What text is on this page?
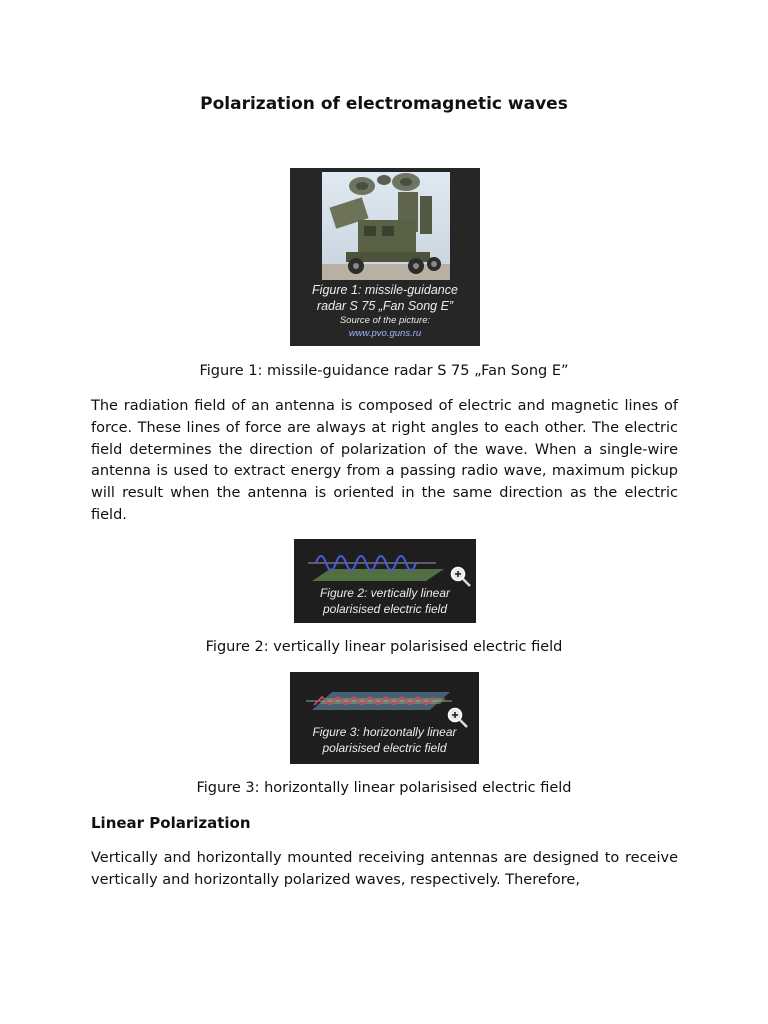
Polarization of electromagnetic waves
Figure 1: missile-guidance
radar S 75 „Fan Song E”
Source of the picture:
www.pvo.guns.ru
Figure 1: missile-guidance radar S 75 „Fan Song E”
The radiation field of an antenna is composed of electric and magnetic lines of force. These lines of force are always at right angles to each other. The electric field determines the direction of polarization of the wave. When a single-wire antenna is used to extract energy from a passing radio wave, maximum pickup will result when the antenna is oriented in the same direction as the electric field.
Figure 2: vertically linear
polarisised electric field
Figure 2: vertically linear polarisised electric field
Figure 3: horizontally linear
polarisised electric field
Figure 3: horizontally linear polarisised electric field
Linear Polarization
Vertically and horizontally mounted receiving antennas are designed to receive vertically and horizontally polarized waves, respectively. Therefore,
